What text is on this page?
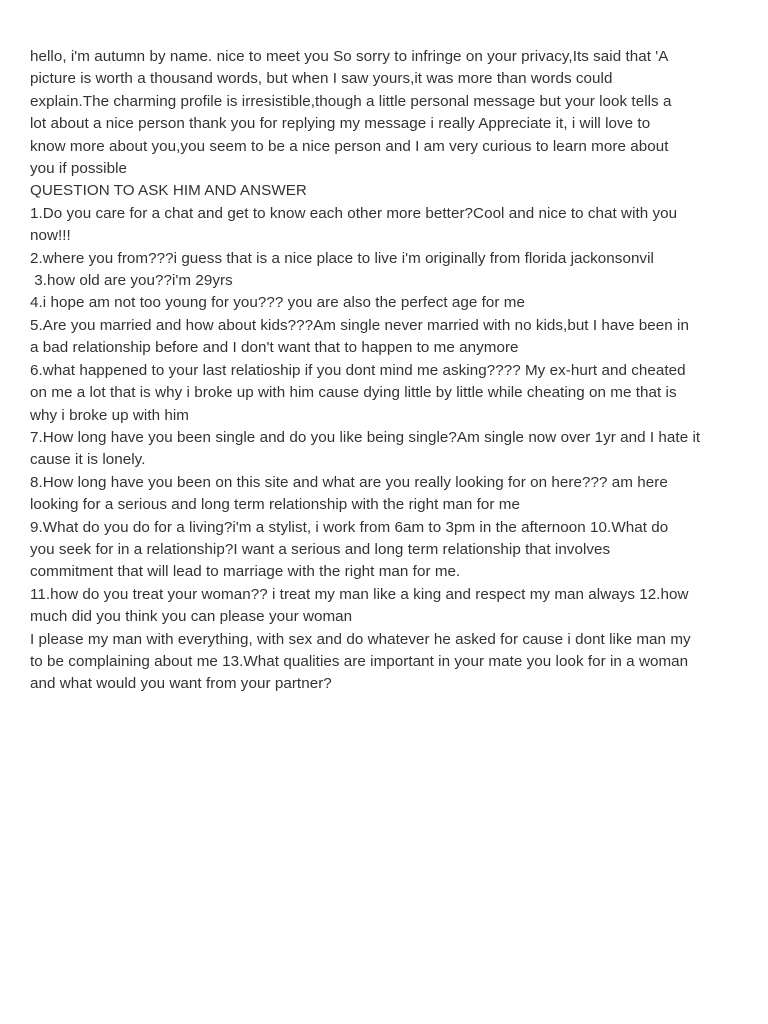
hello, i'm autumn by name. nice to meet you So sorry to infringe on your privacy,Its said that 'A
picture is worth a thousand words, but when I saw yours,it was more than words could
explain.The charming profile is irresistible,though a little personal message but your look tells a
lot about a nice person thank you for replying my message i really Appreciate it, i will love to
know more about you,you seem to be a nice person and I am very curious to learn more about
you if possible
QUESTION TO ASK HIM AND ANSWER
1.Do you care for a chat and get to know each other more better?Cool and nice to chat with you
now!!!
2.where you from???i guess that is a nice place to live i'm originally from florida jackonsonvil
3.how old are you??i'm 29yrs
4.i hope am not too young for you??? you are also the perfect age for me
5.Are you married and how about kids???Am single never married with no kids,but I have been in
a bad relationship before and I don't want that to happen to me anymore
6.what happened to your last relatioship if you dont mind me asking???? My ex-hurt and cheated
on me a lot that is why i broke up with him cause dying little by little while cheating on me that is
why i broke up with him
7.How long have you been single and do you like being single?Am single now over 1yr and I hate it
cause it is lonely.
8.How long have you been on this site and what are you really looking for on here??? am here
looking for a serious and long term relationship with the right man for me
9.What do you do for a living?i'm a stylist, i work from 6am to 3pm in the afternoon 10.What do
you seek for in a relationship?I want a serious and long term relationship that involves
commitment that will lead to marriage with the right man for me.
11.how do you treat your woman?? i treat my man like a king and respect my man always 12.how
much did you think you can please your woman
I please my man with everything, with sex and do whatever he asked for cause i dont like man my
to be complaining about me 13.What qualities are important in your mate you look for in a woman
and what would you want from your partner?
